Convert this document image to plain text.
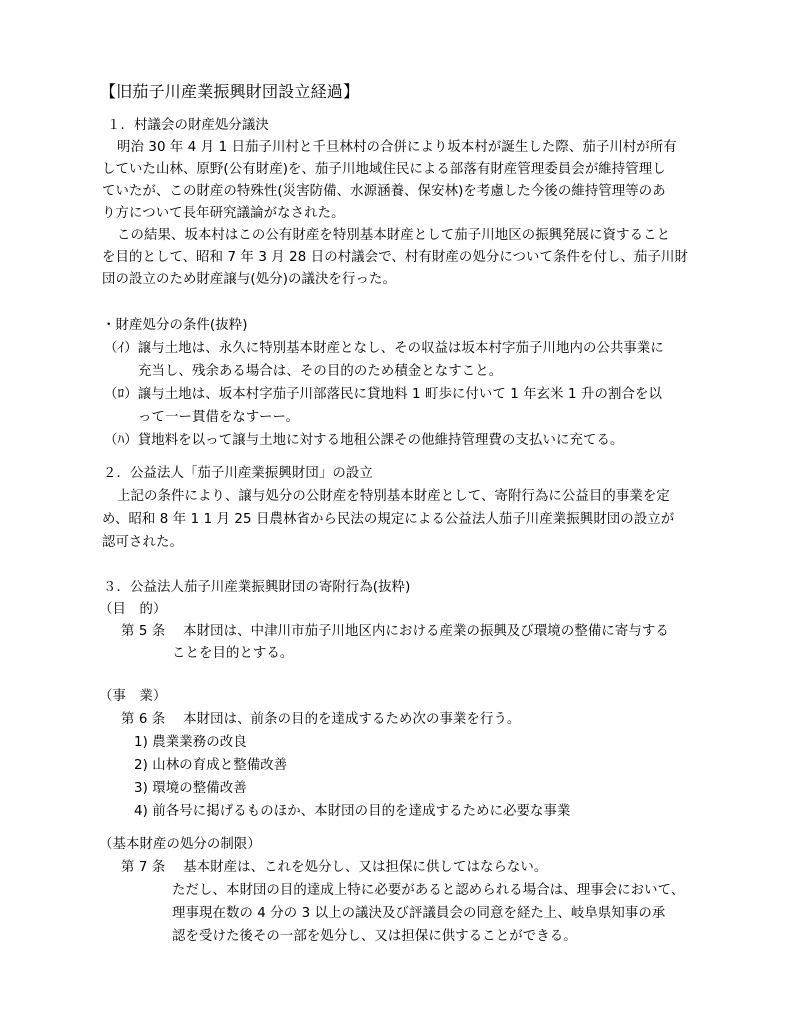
【旧茄子川産業振興財団設立経過】
１．村議会の財産処分議決
明治 30 年 4 月 1 日茄子川村と千旦林村の合併により坂本村が誕生した際、茄子川村が所有
していた山林、原野(公有財産)を、茄子川地域住民による部落有財産管理委員会が維持管理し
ていたが、この財産の特殊性(災害防備、水源涵養、保安林)を考慮した今後の維持管理等のあ
り方について長年研究議論がなされた。
この結果、坂本村はこの公有財産を特別基本財産として茄子川地区の振興発展に資すること
を目的として、昭和 7 年 3 月 28 日の村議会で、村有財産の処分について条件を付し、茄子川財
団の設立のため財産譲与(処分)の議決を行った。
・財産処分の条件(抜粋)
（ｲ）譲与土地は、永久に特別基本財産となし、その収益は坂本村字茄子川地内の公共事業に
充当し、残余ある場合は、その目的のため積金となすこと。
（ﾛ）譲与土地は、坂本村字茄子川部落民に貸地料 1 町歩に付いて 1 年玄米 1 升の割合を以
って一ー貫借をなすーー。
（ﾊ）貸地料を以って譲与土地に対する地租公課その他維持管理費の支払いに充てる。
２．公益法人「茄子川産業振興財団」の設立
上記の条件により、譲与処分の公財産を特別基本財産として、寄附行為に公益目的事業を定
め、昭和 8 年 1 1 月 25 日農林省から民法の規定による公益法人茄子川産業振興財団の設立が
認可された。
３．公益法人茄子川産業振興財団の寄附行為(抜粋)
（目　的）
第 5 条　 本財団は、中津川市茄子川地区内における産業の振興及び環境の整備に寄与する
ことを目的とする。
（事　業）
第 6 条　 本財団は、前条の目的を達成するため次の事業を行う。
1) 農業業務の改良
2) 山林の育成と整備改善
3) 環境の整備改善
4) 前各号に掲げるものほか、本財団の目的を達成するために必要な事業
（基本財産の処分の制限）
第 7 条　 基本財産は、これを処分し、又は担保に供してはならない。
ただし、本財団の目的達成上特に必要があると認められる場合は、理事会において、
理事現在数の 4 分の 3 以上の議決及び評議員会の同意を経た上、岐阜県知事の承
認を受けた後その一部を処分し、又は担保に供することができる。
